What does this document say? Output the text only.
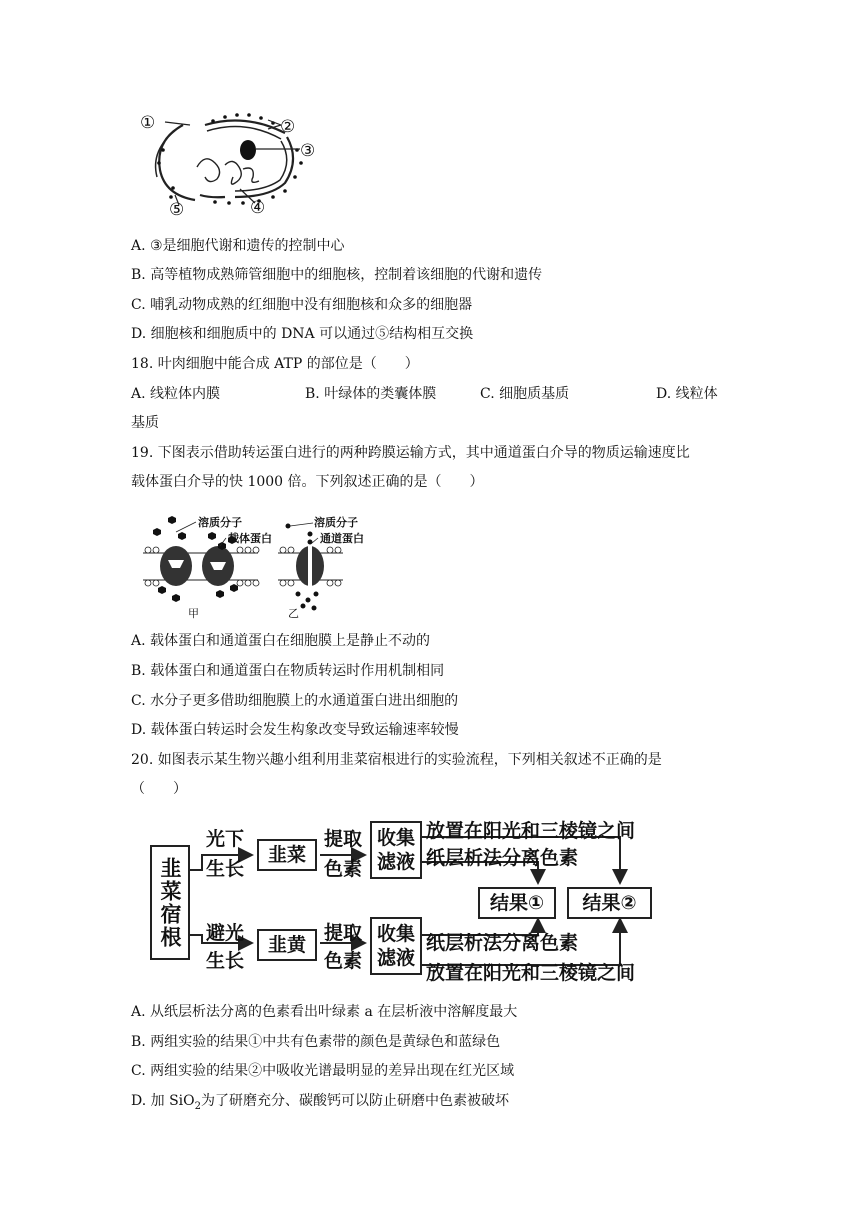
①	②
③
④
⑤
A. ③是细胞代谢和遗传的控制中心
B. 高等植物成熟筛管细胞中的细胞核，控制着该细胞的代谢和遗传
C. 哺乳动物成熟的红细胞中没有细胞核和众多的细胞器
D. 细胞核和细胞质中的 DNA 可以通过⑤结构相互交换
18. 叶肉细胞中能合成 ATP 的部位是（　　）
A. 线粒体内膜	B. 叶绿体的类囊体膜	C. 细胞质基质	D. 线粒体
基质
19. 下图表示借助转运蛋白进行的两种跨膜运输方式，其中通道蛋白介导的物质运输速度比
载体蛋白介导的快 1000 倍。下列叙述正确的是（　　）
溶质分子
载体蛋白
甲
溶质分子
通道蛋白
乙
A. 载体蛋白和通道蛋白在细胞膜上是静止不动的
B. 载体蛋白和通道蛋白在物质转运时作用机制相同
C. 水分子更多借助细胞膜上的水通道蛋白进出细胞的
D. 载体蛋白转运时会发生构象改变导致运输速率较慢
20. 如图表示某生物兴趣小组利用韭菜宿根进行的实验流程，下列相关叙述不正确的是
（　　）
韭菜宿根
光下
生长
韭菜
提取
色素
收集
滤液
放置在阳光和三棱镜之间
纸层析法分离色素
结果①	结果②
避光
生长
韭黄
提取
色素
收集
滤液
纸层析法分离色素
放置在阳光和三棱镜之间
A. 从纸层析法分离的色素看出叶绿素 a 在层析液中溶解度最大
B. 两组实验的结果①中共有色素带的颜色是黄绿色和蓝绿色
C. 两组实验的结果②中吸收光谱最明显的差异出现在红光区域
D. 加 SiO$_2$为了研磨充分、碳酸钙可以防止研磨中色素被破坏
